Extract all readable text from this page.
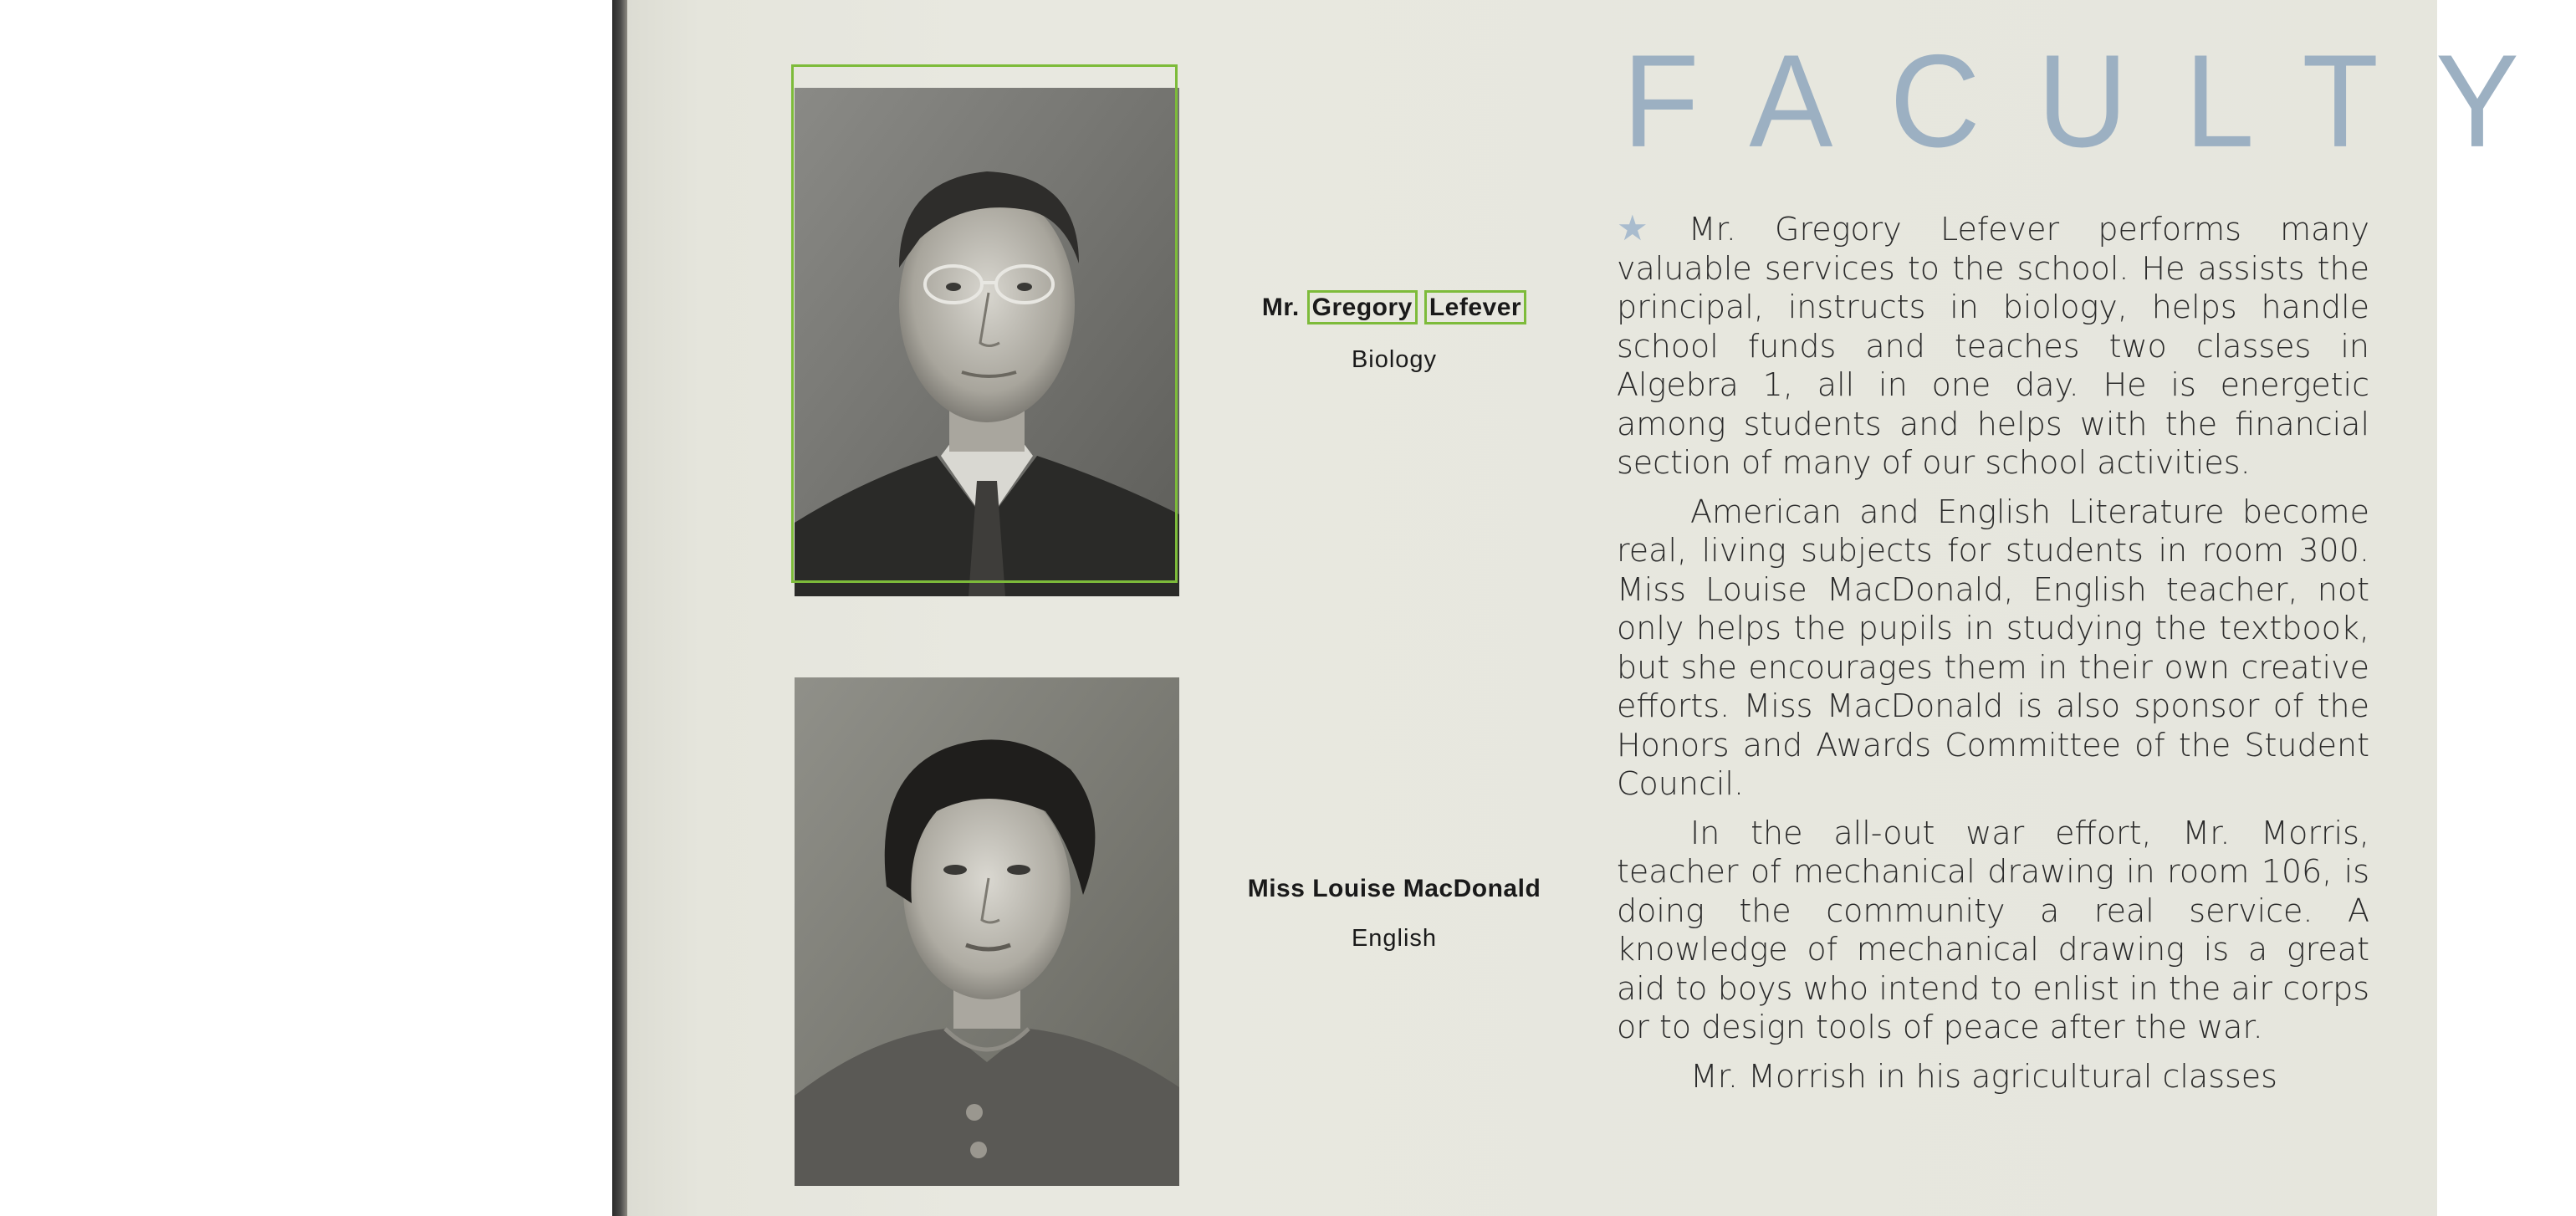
Mr. Gregory Lefever
Biology
Miss Louise MacDonald
English
FACULTY

★ Mr. Gregory Lefever performs many valuable services to the school. He assists the principal, instructs in biology, helps handle school funds and teaches two classes in Algebra 1, all in one day. He is energetic among students and helps with the financial section of many of our school activities.

American and English Literature become real, living subjects for students in room 300. Miss Louise MacDonald, English teacher, not only helps the pupils in studying the textbook, but she encourages them in their own creative efforts. Miss MacDonald is also sponsor of the Honors and Awards Committee of the Student Council.

In the all-out war effort, Mr. Morris, teacher of mechanical drawing in room 106, is doing the community a real service. A knowledge of mechanical drawing is a great aid to boys who intend to enlist in the air corps or to design tools of peace after the war.

Mr. Morrish in his agricultural classes
